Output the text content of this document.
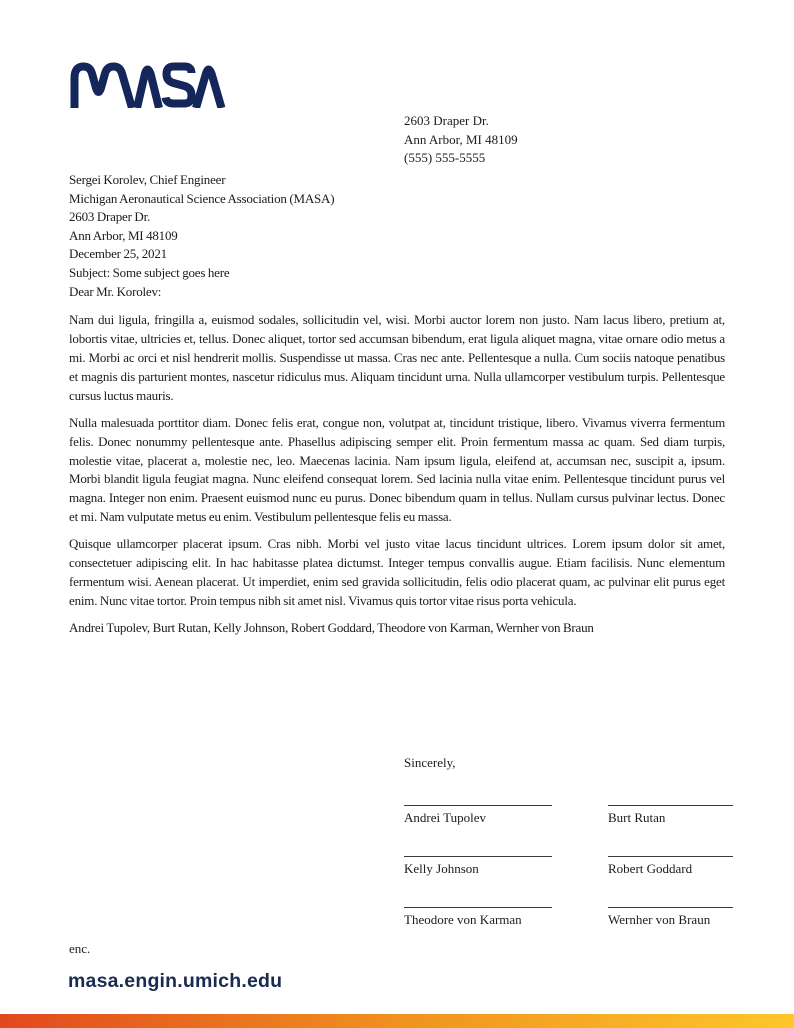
2603 Draper Dr.
Ann Arbor, MI 48109
(555) 555-5555
Sergei Korolev, Chief Engineer
Michigan Aeronautical Science Association (MASA)
2603 Draper Dr.
Ann Arbor, MI 48109
December 25, 2021
Subject: Some subject goes here
Dear Mr. Korolev:

Nam dui ligula, fringilla a, euismod sodales, sollicitudin vel, wisi. Morbi auctor lorem non justo. Nam lacus libero, pretium at, lobortis vitae, ultricies et, tellus. Donec aliquet, tortor sed accumsan bibendum, erat ligula aliquet magna, vitae ornare odio metus a mi. Morbi ac orci et nisl hendrerit mollis. Suspendisse ut massa. Cras nec ante. Pellentesque a nulla. Cum sociis natoque penatibus et magnis dis parturient montes, nascetur ridiculus mus. Aliquam tincidunt urna. Nulla ullamcorper vestibulum turpis. Pellentesque cursus luctus mauris.

Nulla malesuada porttitor diam. Donec felis erat, congue non, volutpat at, tincidunt tristique, libero. Vivamus viverra fermentum felis. Donec nonummy pellentesque ante. Phasellus adipiscing semper elit. Proin fermentum massa ac quam. Sed diam turpis, molestie vitae, placerat a, molestie nec, leo. Maecenas lacinia. Nam ipsum ligula, eleifend at, accumsan nec, suscipit a, ipsum. Morbi blandit ligula feugiat magna. Nunc eleifend consequat lorem. Sed lacinia nulla vitae enim. Pellentesque tincidunt purus vel magna. Integer non enim. Praesent euismod nunc eu purus. Donec bibendum quam in tellus. Nullam cursus pulvinar lectus. Donec et mi. Nam vulputate metus eu enim. Vestibulum pellentesque felis eu massa.

Quisque ullamcorper placerat ipsum. Cras nibh. Morbi vel justo vitae lacus tincidunt ultrices. Lorem ipsum dolor sit amet, consectetuer adipiscing elit. In hac habitasse platea dictumst. Integer tempus convallis augue. Etiam facilisis. Nunc elementum fermentum wisi. Aenean placerat. Ut imperdiet, enim sed gravida sollicitudin, felis odio placerat quam, ac pulvinar elit purus eget enim. Nunc vitae tortor. Proin tempus nibh sit amet nisl. Vivamus quis tortor vitae risus porta vehicula.

Andrei Tupolev, Burt Rutan, Kelly Johnson, Robert Goddard, Theodore von Karman, Wernher von Braun

Sincerely,
Andrei Tupolev	Burt Rutan
Kelly Johnson	Robert Goddard
Theodore von Karman	Wernher von Braun
enc.
masa.engin.umich.edu
